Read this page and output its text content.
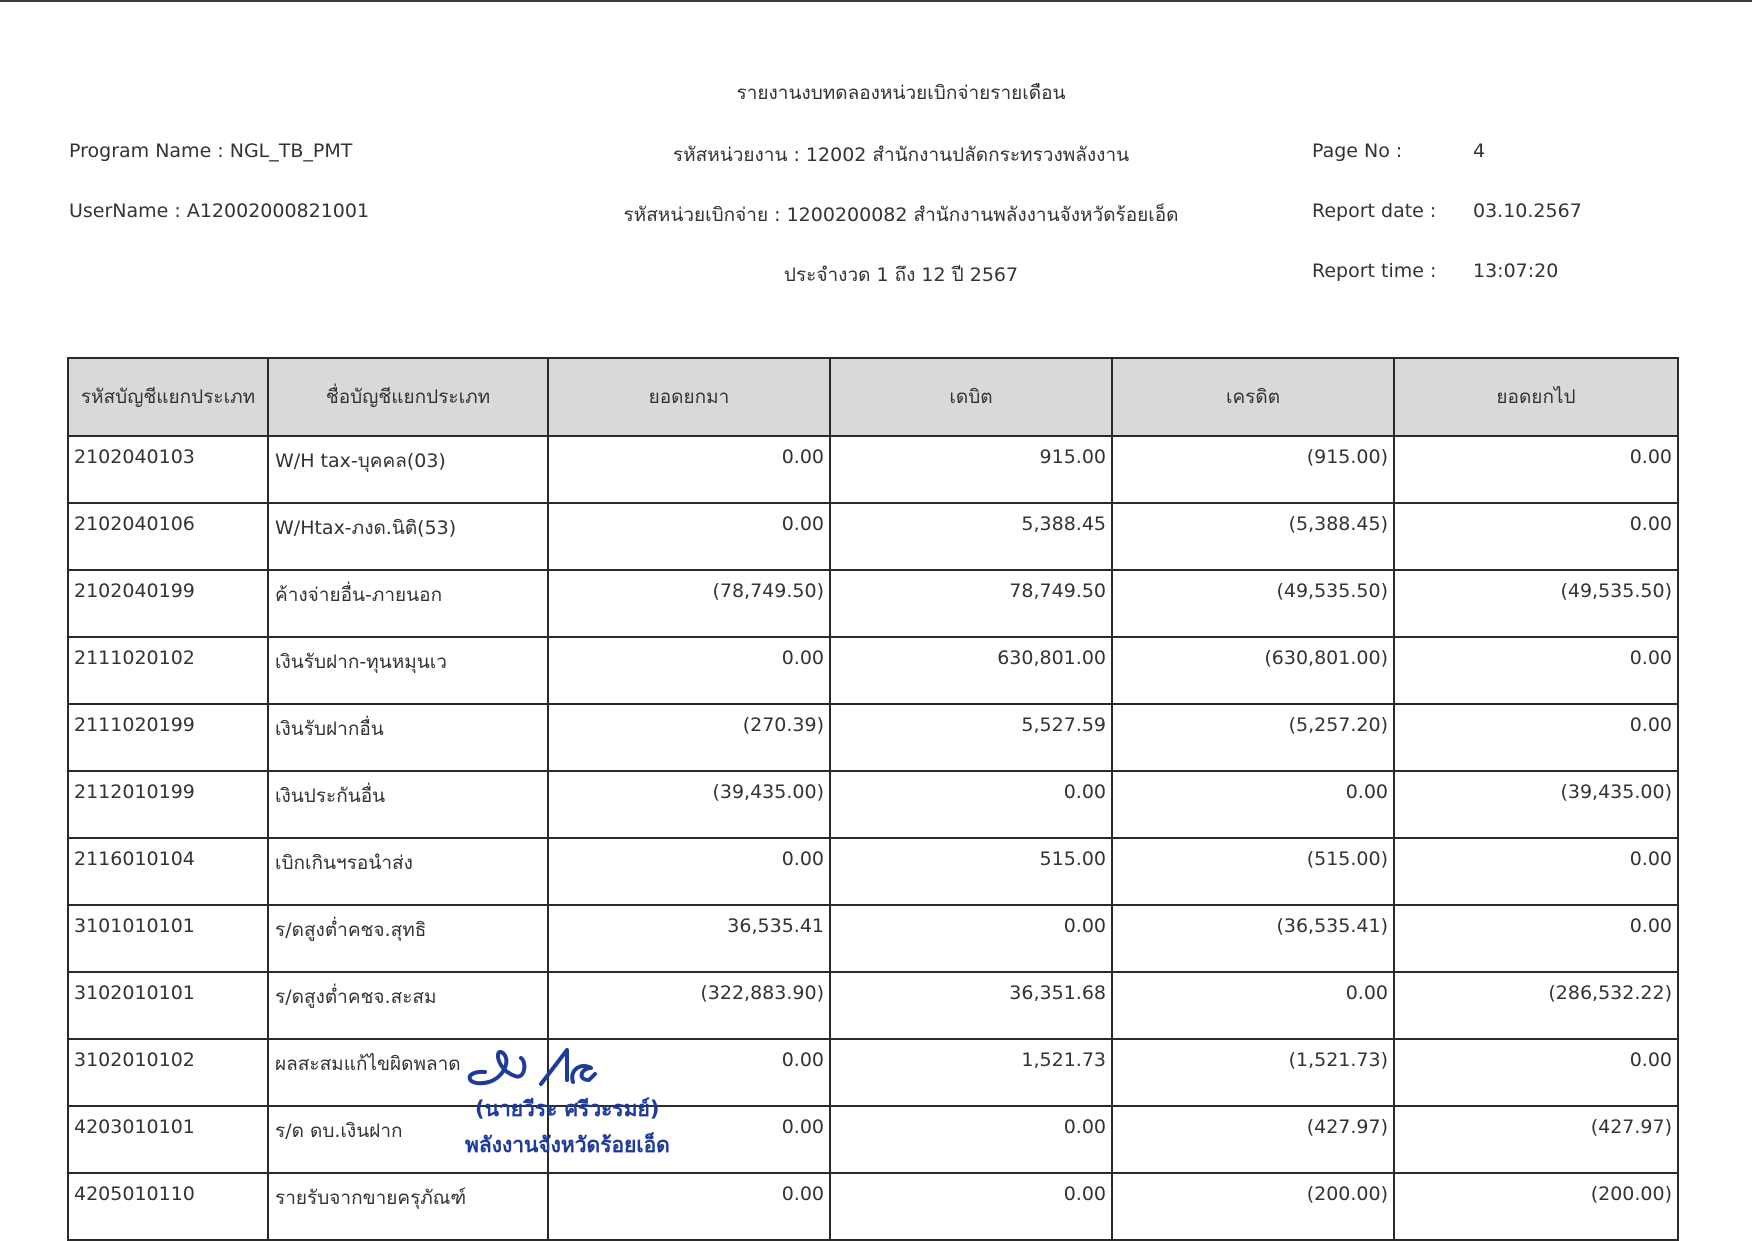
รายงานงบทดลองหน่วยเบิกจ่ายรายเดือน
Program Name : NGL_TB_PMT	รหัสหน่วยงาน : 12002 สำนักงานปลัดกระทรวงพลังงาน	Page No :	4
UserName : A12002000821001	รหัสหน่วยเบิกจ่าย : 1200200082 สำนักงานพลังงานจังหวัดร้อยเอ็ด	Report date : 03.10.2567
ประจำงวด 1 ถึง 12 ปี 2567	Report time : 13:07:20
รหัสบัญชีแยกประเภท	ชื่อบัญชีแยกประเภท	ยอดยกมา	เดบิต	เครดิต	ยอดยกไป
2102040103	W/H tax-บุคคล(03)	0.00	915.00	(915.00)	0.00
2102040106	W/Htax-ภงด.นิติ(53)	0.00	5,388.45	(5,388.45)	0.00
2102040199	ค้างจ่ายอื่น-ภายนอก	(78,749.50)	78,749.50	(49,535.50)	(49,535.50)
2111020102	เงินรับฝาก-ทุนหมุนเว	0.00	630,801.00	(630,801.00)	0.00
2111020199	เงินรับฝากอื่น	(270.39)	5,527.59	(5,257.20)	0.00
2112010199	เงินประกันอื่น	(39,435.00)	0.00	0.00	(39,435.00)
2116010104	เบิกเกินฯรอนำส่ง	0.00	515.00	(515.00)	0.00
3101010101	ร/ดสูงต่ำคชจ.สุทธิ	36,535.41	0.00	(36,535.41)	0.00
3102010101	ร/ดสูงต่ำคชจ.สะสม	(322,883.90)	36,351.68	0.00	(286,532.22)
3102010102	ผลสะสมแก้ไขผิดพลาด	0.00	1,521.73	(1,521.73)	0.00
4203010101	ร/ด ดบ.เงินฝาก	0.00	0.00	(427.97)	(427.97)
4205010110	รายรับจากขายครุภัณฑ์	0.00	0.00	(200.00)	(200.00)
(นายวีระ ศรีวะรมย์)
พลังงานจังหวัดร้อยเอ็ด
